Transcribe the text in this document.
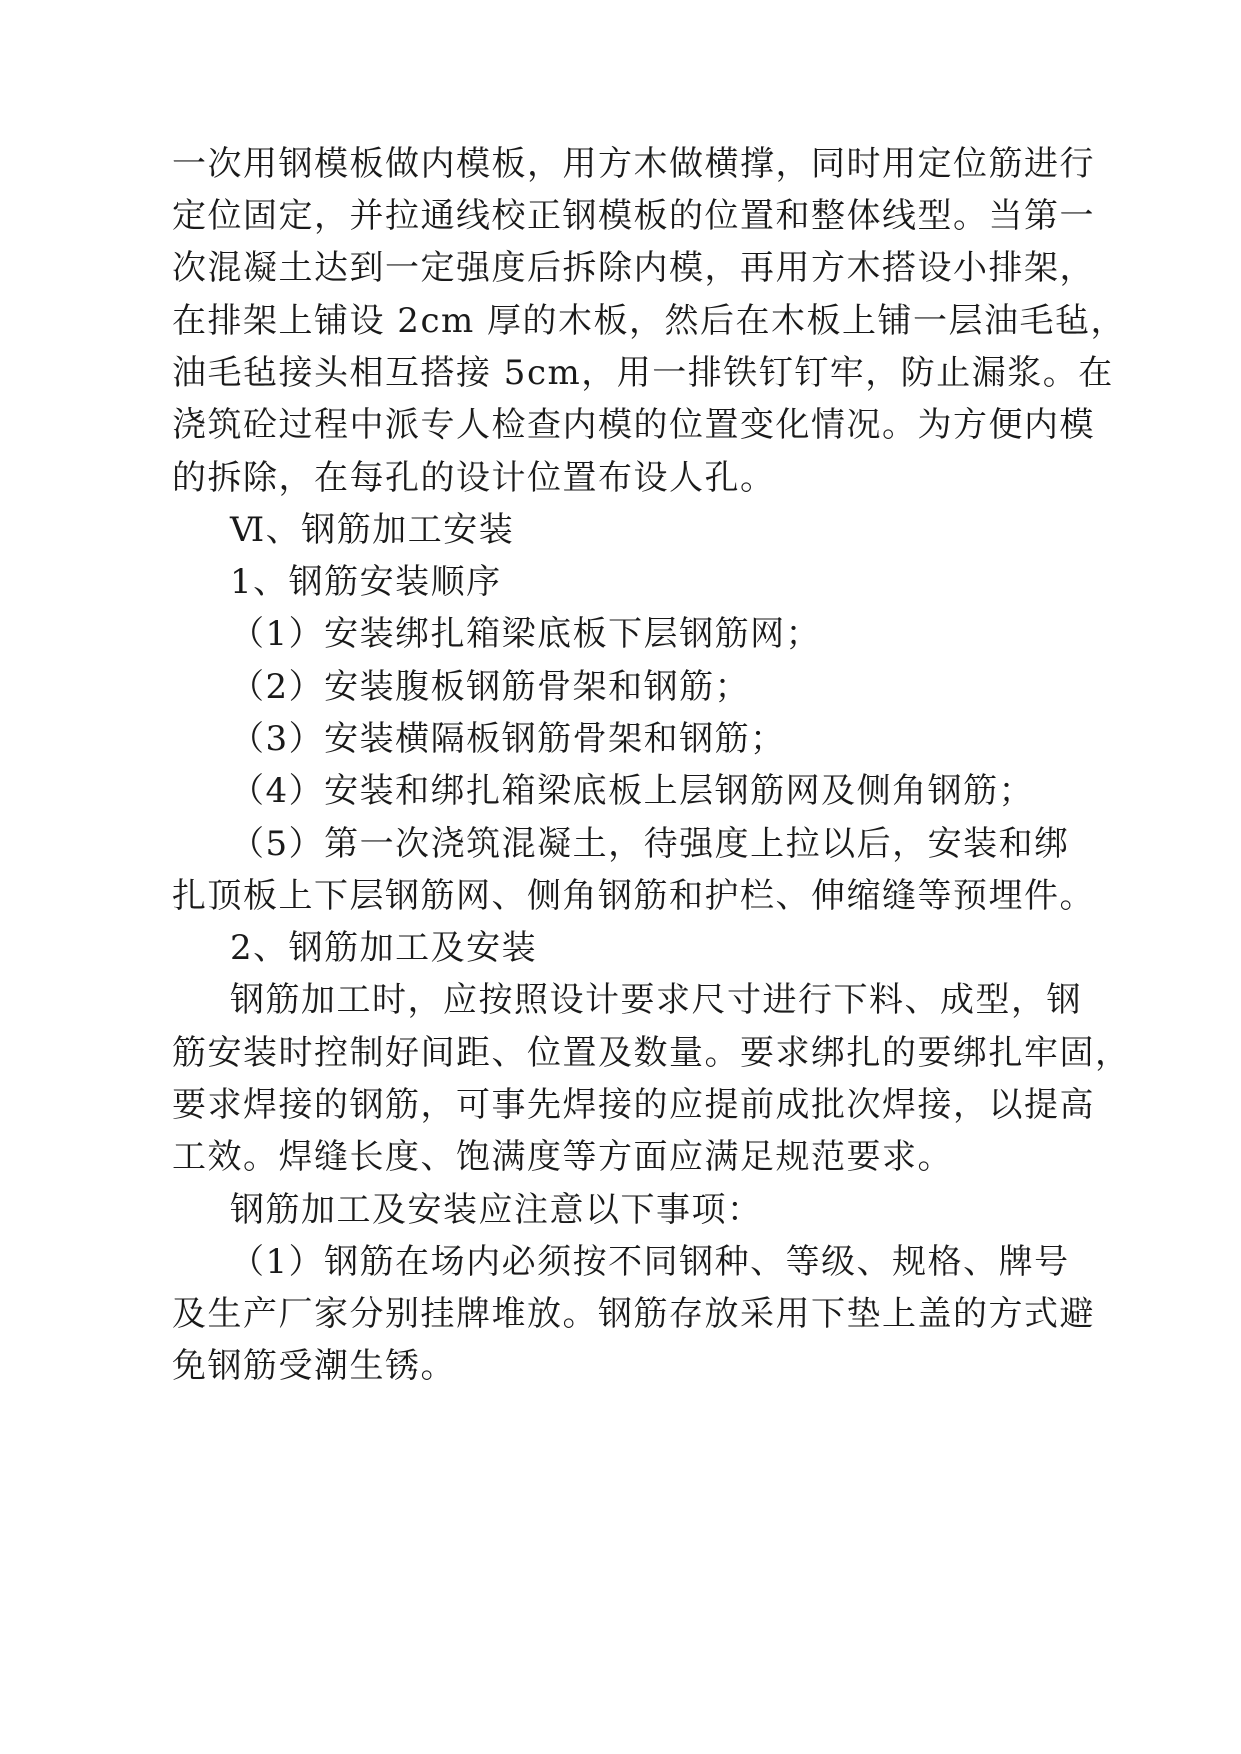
一次用钢模板做内模板，用方木做横撑，同时用定位筋进行
定位固定，并拉通线校正钢模板的位置和整体线型。当第一
次混凝土达到一定强度后拆除内模，再用方木搭设小排架，
在排架上铺设 2cm 厚的木板，然后在木板上铺一层油毛毡，
油毛毡接头相互搭接 5cm，用一排铁钉钉牢，防止漏浆。在
浇筑砼过程中派专人检查内模的位置变化情况。为方便内模
的拆除，在每孔的设计位置布设人孔。
Ⅵ、钢筋加工安装
1、钢筋安装顺序
（1）安装绑扎箱梁底板下层钢筋网；
（2）安装腹板钢筋骨架和钢筋；
（3）安装横隔板钢筋骨架和钢筋；
（4）安装和绑扎箱梁底板上层钢筋网及侧角钢筋；
（5）第一次浇筑混凝土，待强度上拉以后，安装和绑
扎顶板上下层钢筋网、侧角钢筋和护栏、伸缩缝等预埋件。
2、钢筋加工及安装
钢筋加工时，应按照设计要求尺寸进行下料、成型，钢
筋安装时控制好间距、位置及数量。要求绑扎的要绑扎牢固，
要求焊接的钢筋，可事先焊接的应提前成批次焊接，以提高
工效。焊缝长度、饱满度等方面应满足规范要求。
钢筋加工及安装应注意以下事项：
（1）钢筋在场内必须按不同钢种、等级、规格、牌号
及生产厂家分别挂牌堆放。钢筋存放采用下垫上盖的方式避
免钢筋受潮生锈。
